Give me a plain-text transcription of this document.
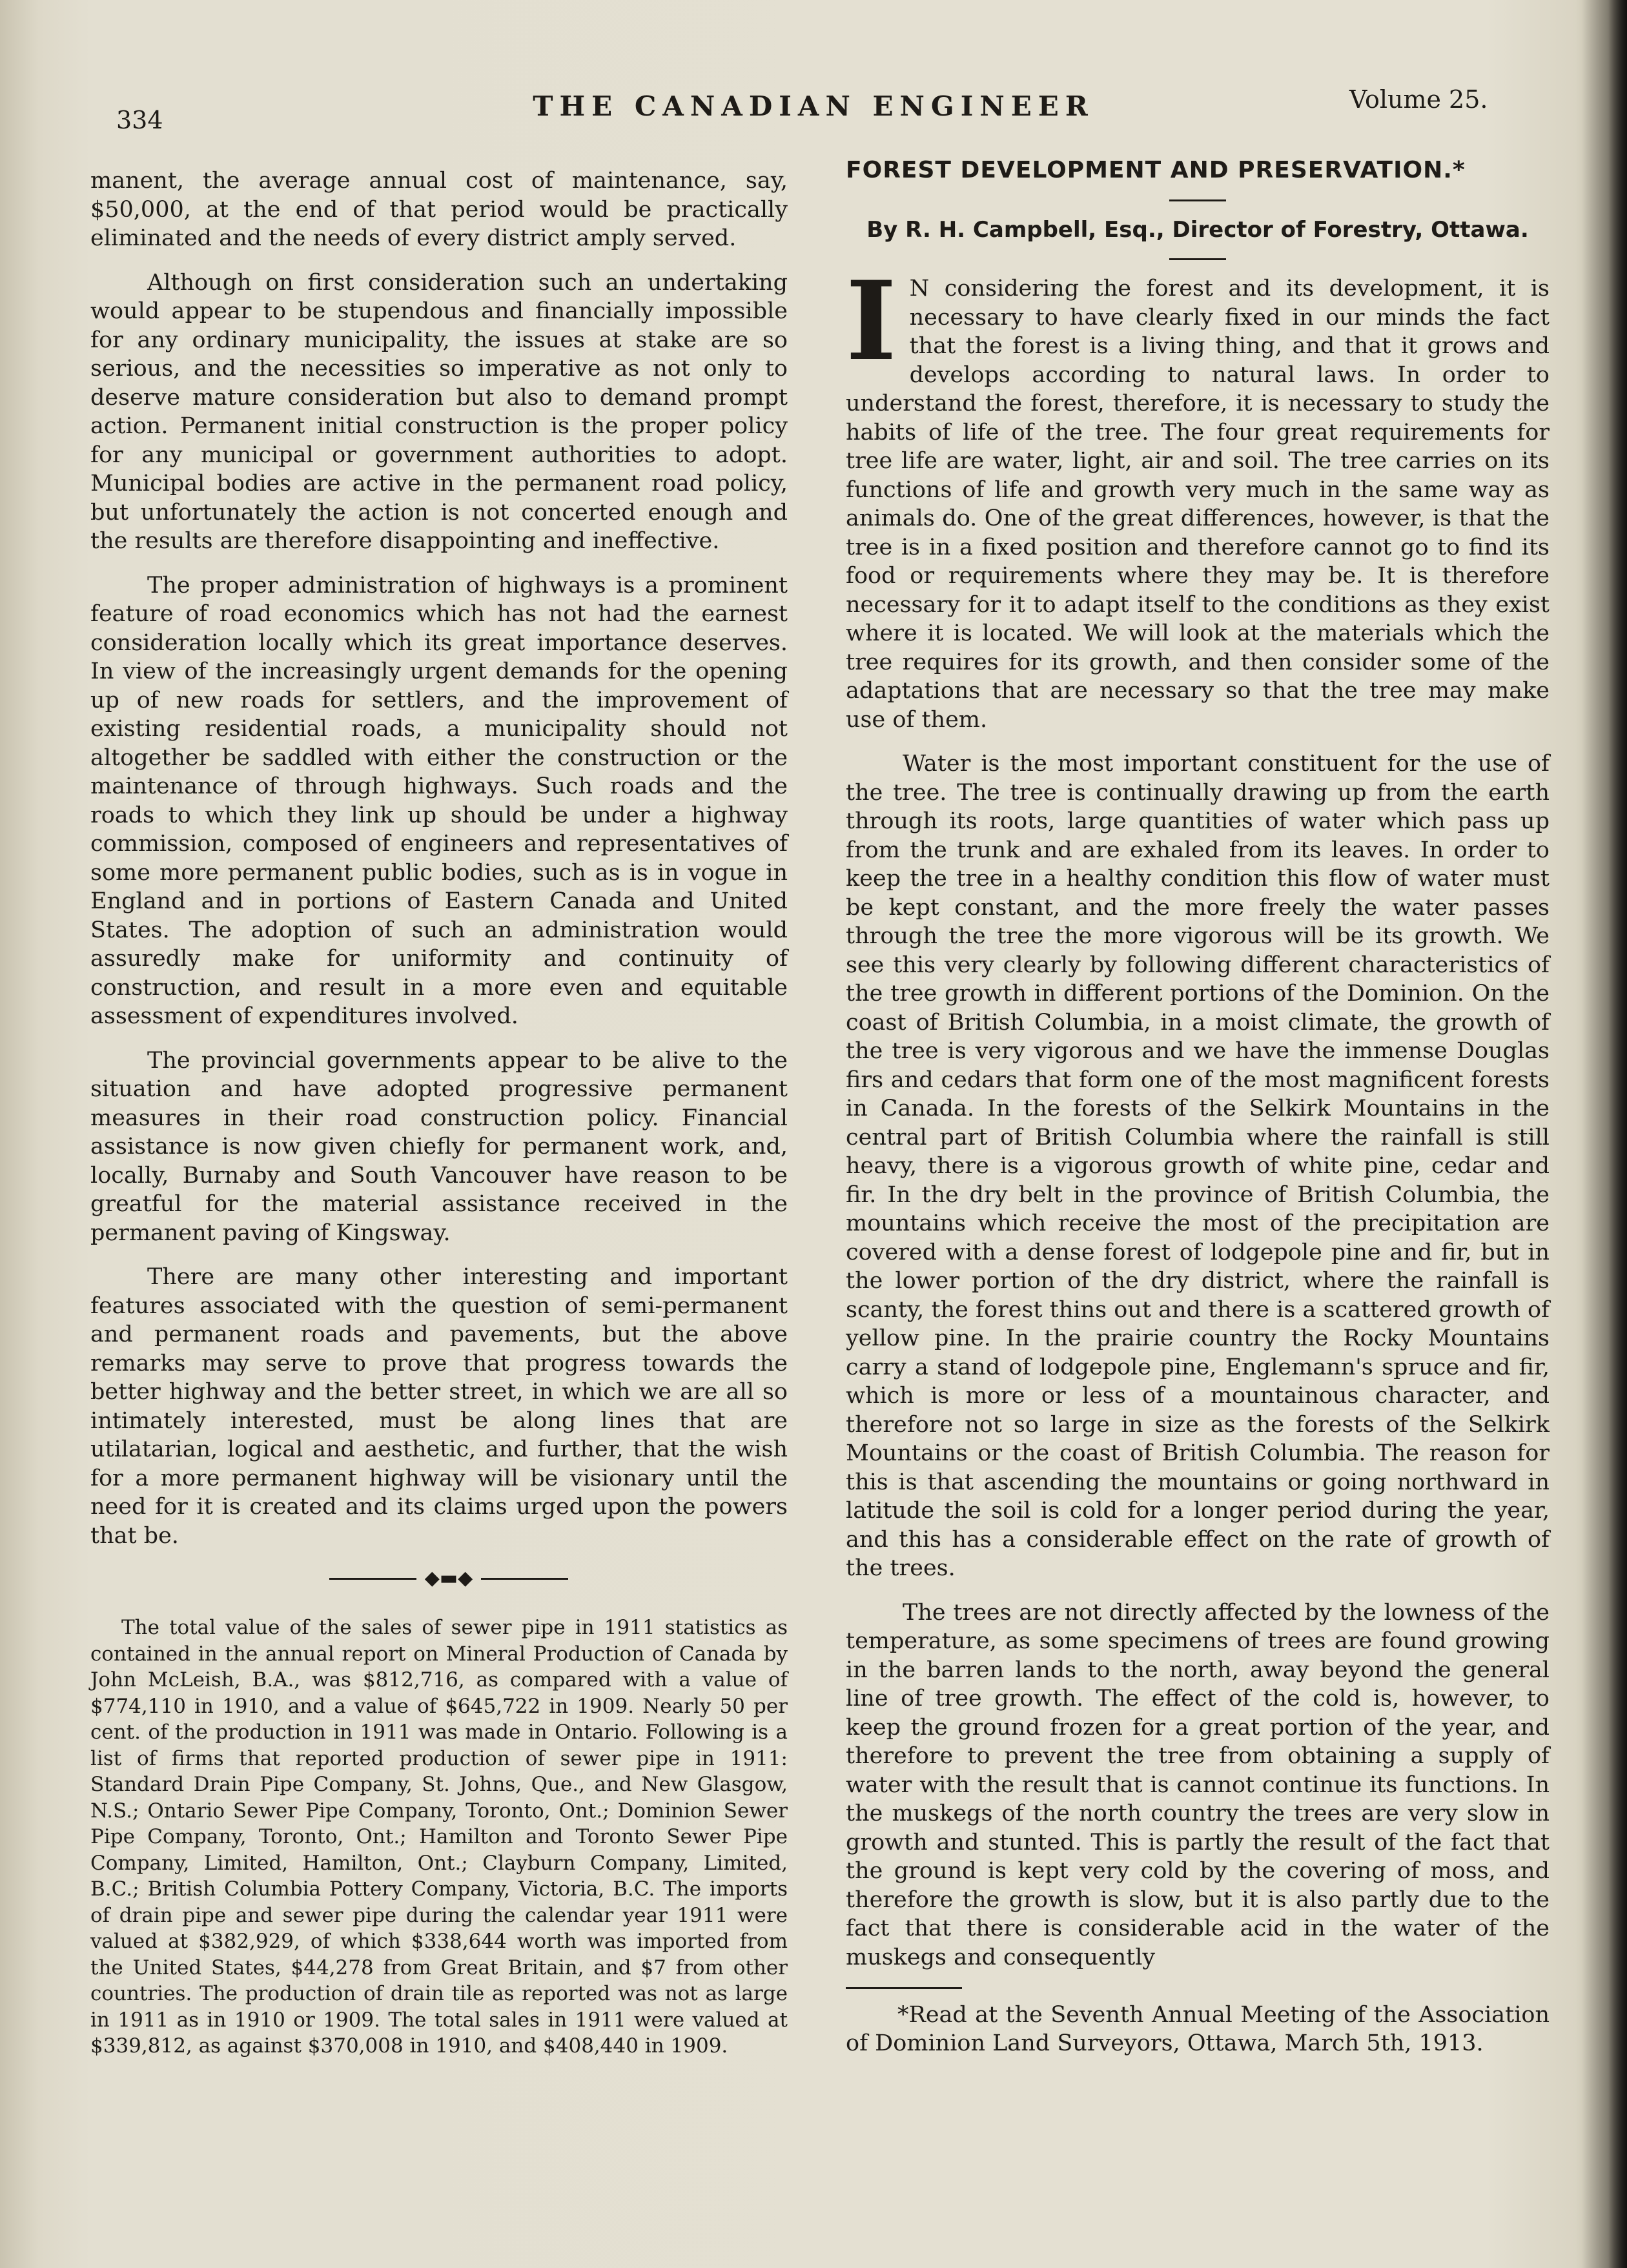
334	THE CANADIAN ENGINEER	Volume 25.

manent, the average annual cost of maintenance, say, $50,000, at the end of that period would be practically eliminated and the needs of every district amply served.

Although on first consideration such an undertaking would appear to be stupendous and financially impossible for any ordinary municipality, the issues at stake are so serious, and the necessities so imperative as not only to deserve mature consideration but also to demand prompt action. Permanent initial construction is the proper policy for any municipal or government authorities to adopt. Municipal bodies are active in the permanent road policy, but unfortunately the action is not concerted enough and the results are therefore disappointing and ineffective.

The proper administration of highways is a prominent feature of road economics which has not had the earnest consideration locally which its great importance deserves. In view of the increasingly urgent demands for the opening up of new roads for settlers, and the improvement of existing residential roads, a municipality should not altogether be saddled with either the construction or the maintenance of through highways. Such roads and the roads to which they link up should be under a highway commission, composed of engineers and representatives of some more permanent public bodies, such as is in vogue in England and in portions of Eastern Canada and United States. The adoption of such an administration would assuredly make for uniformity and continuity of construction, and result in a more even and equitable assessment of expenditures involved.

The provincial governments appear to be alive to the situation and have adopted progressive permanent measures in their road construction policy. Financial assistance is now given chiefly for permanent work, and, locally, Burnaby and South Vancouver have reason to be greatful for the material assistance received in the permanent paving of Kingsway.

There are many other interesting and important features associated with the question of semi-permanent and permanent roads and pavements, but the above remarks may serve to prove that progress towards the better highway and the better street, in which we are all so intimately interested, must be along lines that are utilatarian, logical and aesthetic, and further, that the wish for a more permanent highway will be visionary until the need for it is created and its claims urged upon the powers that be.

◆▬◆

The total value of the sales of sewer pipe in 1911 statistics as contained in the annual report on Mineral Production of Canada by John McLeish, B.A., was $812,716, as compared with a value of $774,110 in 1910, and a value of $645,722 in 1909. Nearly 50 per cent. of the production in 1911 was made in Ontario. Following is a list of firms that reported production of sewer pipe in 1911: Standard Drain Pipe Company, St. Johns, Que., and New Glasgow, N.S.; Ontario Sewer Pipe Company, Toronto, Ont.; Dominion Sewer Pipe Company, Toronto, Ont.; Hamilton and Toronto Sewer Pipe Company, Limited, Hamilton, Ont.; Clayburn Company, Limited, B.C.; British Columbia Pottery Company, Victoria, B.C. The imports of drain pipe and sewer pipe during the calendar year 1911 were valued at $382,929, of which $338,644 worth was imported from the United States, $44,278 from Great Britain, and $7 from other countries. The production of drain tile as reported was not as large in 1911 as in 1910 or 1909. The total sales in 1911 were valued at $339,812, as against $370,008 in 1910, and $408,440 in 1909.

FOREST DEVELOPMENT AND PRESERVATION.*
By R. H. Campbell, Esq., Director of Forestry, Ottawa.

I N considering the forest and its development, it is necessary to have clearly fixed in our minds the fact that the forest is a living thing, and that it grows and develops according to natural laws. In order to understand the forest, therefore, it is necessary to study the habits of life of the tree. The four great requirements for tree life are water, light, air and soil. The tree carries on its functions of life and growth very much in the same way as animals do. One of the great differences, however, is that the tree is in a fixed position and therefore cannot go to find its food or requirements where they may be. It is therefore necessary for it to adapt itself to the conditions as they exist where it is located. We will look at the materials which the tree requires for its growth, and then consider some of the adaptations that are necessary so that the tree may make use of them.

Water is the most important constituent for the use of the tree. The tree is continually drawing up from the earth through its roots, large quantities of water which pass up from the trunk and are exhaled from its leaves. In order to keep the tree in a healthy condition this flow of water must be kept constant, and the more freely the water passes through the tree the more vigorous will be its growth. We see this very clearly by following different characteristics of the tree growth in different portions of the Dominion. On the coast of British Columbia, in a moist climate, the growth of the tree is very vigorous and we have the immense Douglas firs and cedars that form one of the most magnificent forests in Canada. In the forests of the Selkirk Mountains in the central part of British Columbia where the rainfall is still heavy, there is a vigorous growth of white pine, cedar and fir. In the dry belt in the province of British Columbia, the mountains which receive the most of the precipitation are covered with a dense forest of lodgepole pine and fir, but in the lower portion of the dry district, where the rainfall is scanty, the forest thins out and there is a scattered growth of yellow pine. In the prairie country the Rocky Mountains carry a stand of lodgepole pine, Englemann's spruce and fir, which is more or less of a mountainous character, and therefore not so large in size as the forests of the Selkirk Mountains or the coast of British Columbia. The reason for this is that ascending the mountains or going northward in latitude the soil is cold for a longer period during the year, and this has a considerable effect on the rate of growth of the trees.

The trees are not directly affected by the lowness of the temperature, as some specimens of trees are found growing in the barren lands to the north, away beyond the general line of tree growth. The effect of the cold is, however, to keep the ground frozen for a great portion of the year, and therefore to prevent the tree from obtaining a supply of water with the result that is cannot continue its functions. In the muskegs of the north country the trees are very slow in growth and stunted. This is partly the result of the fact that the ground is kept very cold by the covering of moss, and therefore the growth is slow, but it is also partly due to the fact that there is considerable acid in the water of the muskegs and consequently

*Read at the Seventh Annual Meeting of the Association of Dominion Land Surveyors, Ottawa, March 5th, 1913.
